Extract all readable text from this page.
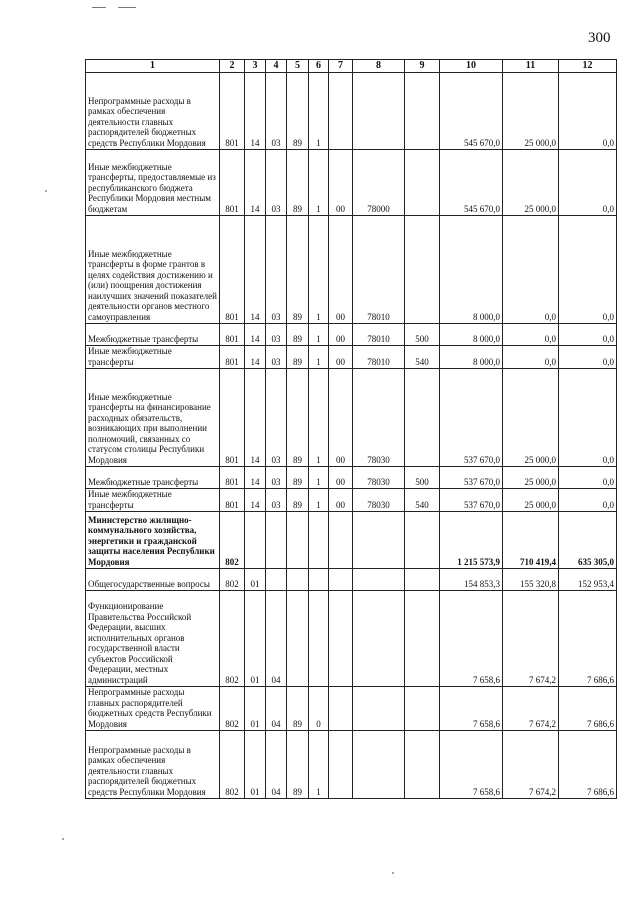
300
1	2	3	4	5	6	7	8	9	10	11	12
Непрограммные расходы в рамках обеспечения деятельности главных распорядителей бюджетных средств Республики Мордовия	801	14	03	89	1				545 670,0	25 000,0	0,0
Иные межбюджетные трансферты, предоставляемые из республиканского бюджета Республики Мордовия местным бюджетам	801	14	03	89	1	00	78000		545 670,0	25 000,0	0,0
Иные межбюджетные трансферты в форме грантов в целях содействия достижению и (или) поощрения достижения наилучших значений показателей деятельности органов местного самоуправления	801	14	03	89	1	00	78010		8 000,0	0,0	0,0
Межбюджетные трансферты	801	14	03	89	1	00	78010	500	8 000,0	0,0	0,0
Иные межбюджетные трансферты	801	14	03	89	1	00	78010	540	8 000,0	0,0	0,0
Иные межбюджетные трансферты на финансирование расходных обязательств, возникающих при выполнении полномочий, связанных со статусом столицы Республики Мордовия	801	14	03	89	1	00	78030		537 670,0	25 000,0	0,0
Межбюджетные трансферты	801	14	03	89	1	00	78030	500	537 670,0	25 000,0	0,0
Иные межбюджетные трансферты	801	14	03	89	1	00	78030	540	537 670,0	25 000,0	0,0
Министерство жилищно-коммунального хозяйства, энергетики и гражданской защиты населения Республики Мордовия	802								1 215 573,9	710 419,4	635 305,0
Общегосударственные вопросы	802	01							154 853,3	155 320,8	152 953,4
Функционирование Правительства Российской Федерации, высших исполнительных органов государственной власти субъектов Российской Федерации, местных администраций	802	01	04						7 658,6	7 674,2	7 686,6
Непрограммные расходы главных распорядителей бюджетных средств Республики Мордовия	802	01	04	89	0				7 658,6	7 674,2	7 686,6
Непрограммные расходы в рамках обеспечения деятельности главных распорядителей бюджетных средств Республики Мордовия	802	01	04	89	1				7 658,6	7 674,2	7 686,6
